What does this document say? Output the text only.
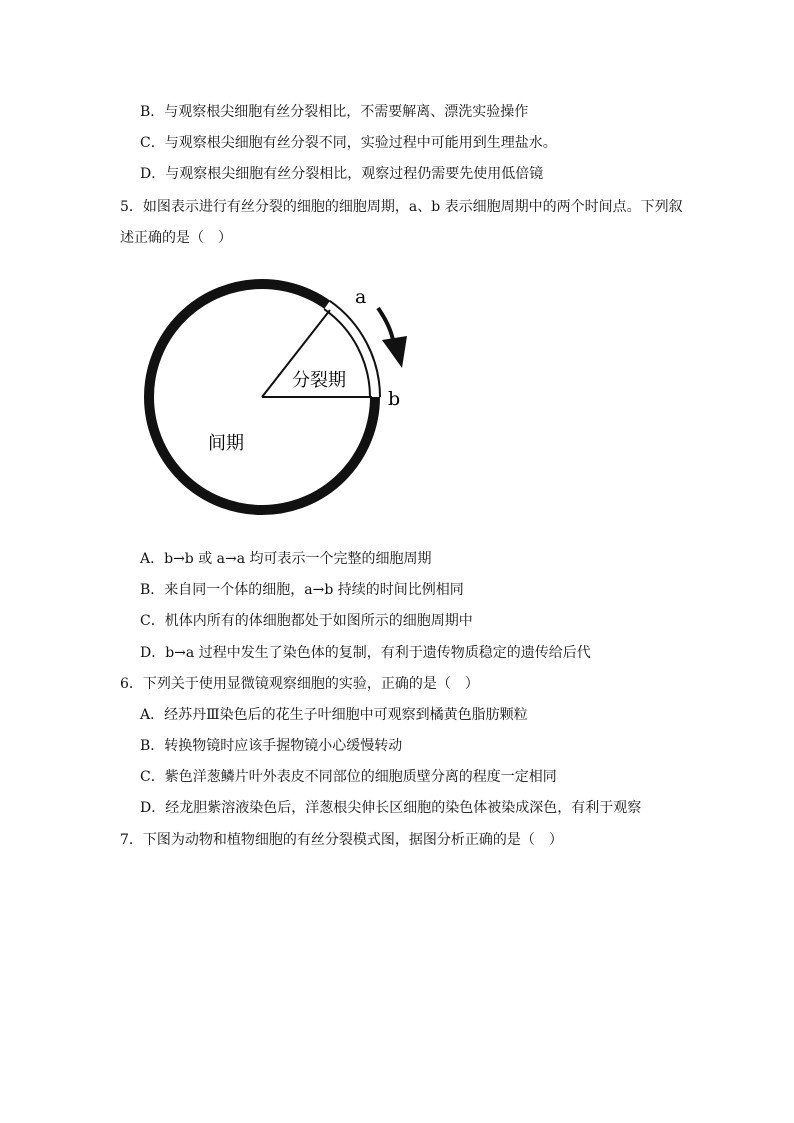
B．与观察根尖细胞有丝分裂相比，不需要解离、漂洗实验操作
C．与观察根尖细胞有丝分裂不同，实验过程中可能用到生理盐水。
D．与观察根尖细胞有丝分裂相比，观察过程仍需要先使用低倍镜
5．如图表示进行有丝分裂的细胞的细胞周期，a、b 表示细胞周期中的两个时间点。下列叙
述正确的是（　）
a
b
分裂期
间期
A．b→b 或 a→a 均可表示一个完整的细胞周期
B．来自同一个体的细胞，a→b 持续的时间比例相同
C．机体内所有的体细胞都处于如图所示的细胞周期中
D．b→a 过程中发生了染色体的复制，有利于遗传物质稳定的遗传给后代
6．下列关于使用显微镜观察细胞的实验，正确的是（　）
A．经苏丹Ⅲ染色后的花生子叶细胞中可观察到橘黄色脂肪颗粒
B．转换物镜时应该手握物镜小心缓慢转动
C．紫色洋葱鳞片叶外表皮不同部位的细胞质壁分离的程度一定相同
D．经龙胆紫溶液染色后，洋葱根尖伸长区细胞的染色体被染成深色，有利于观察
7．下图为动物和植物细胞的有丝分裂模式图，据图分析正确的是（　）
